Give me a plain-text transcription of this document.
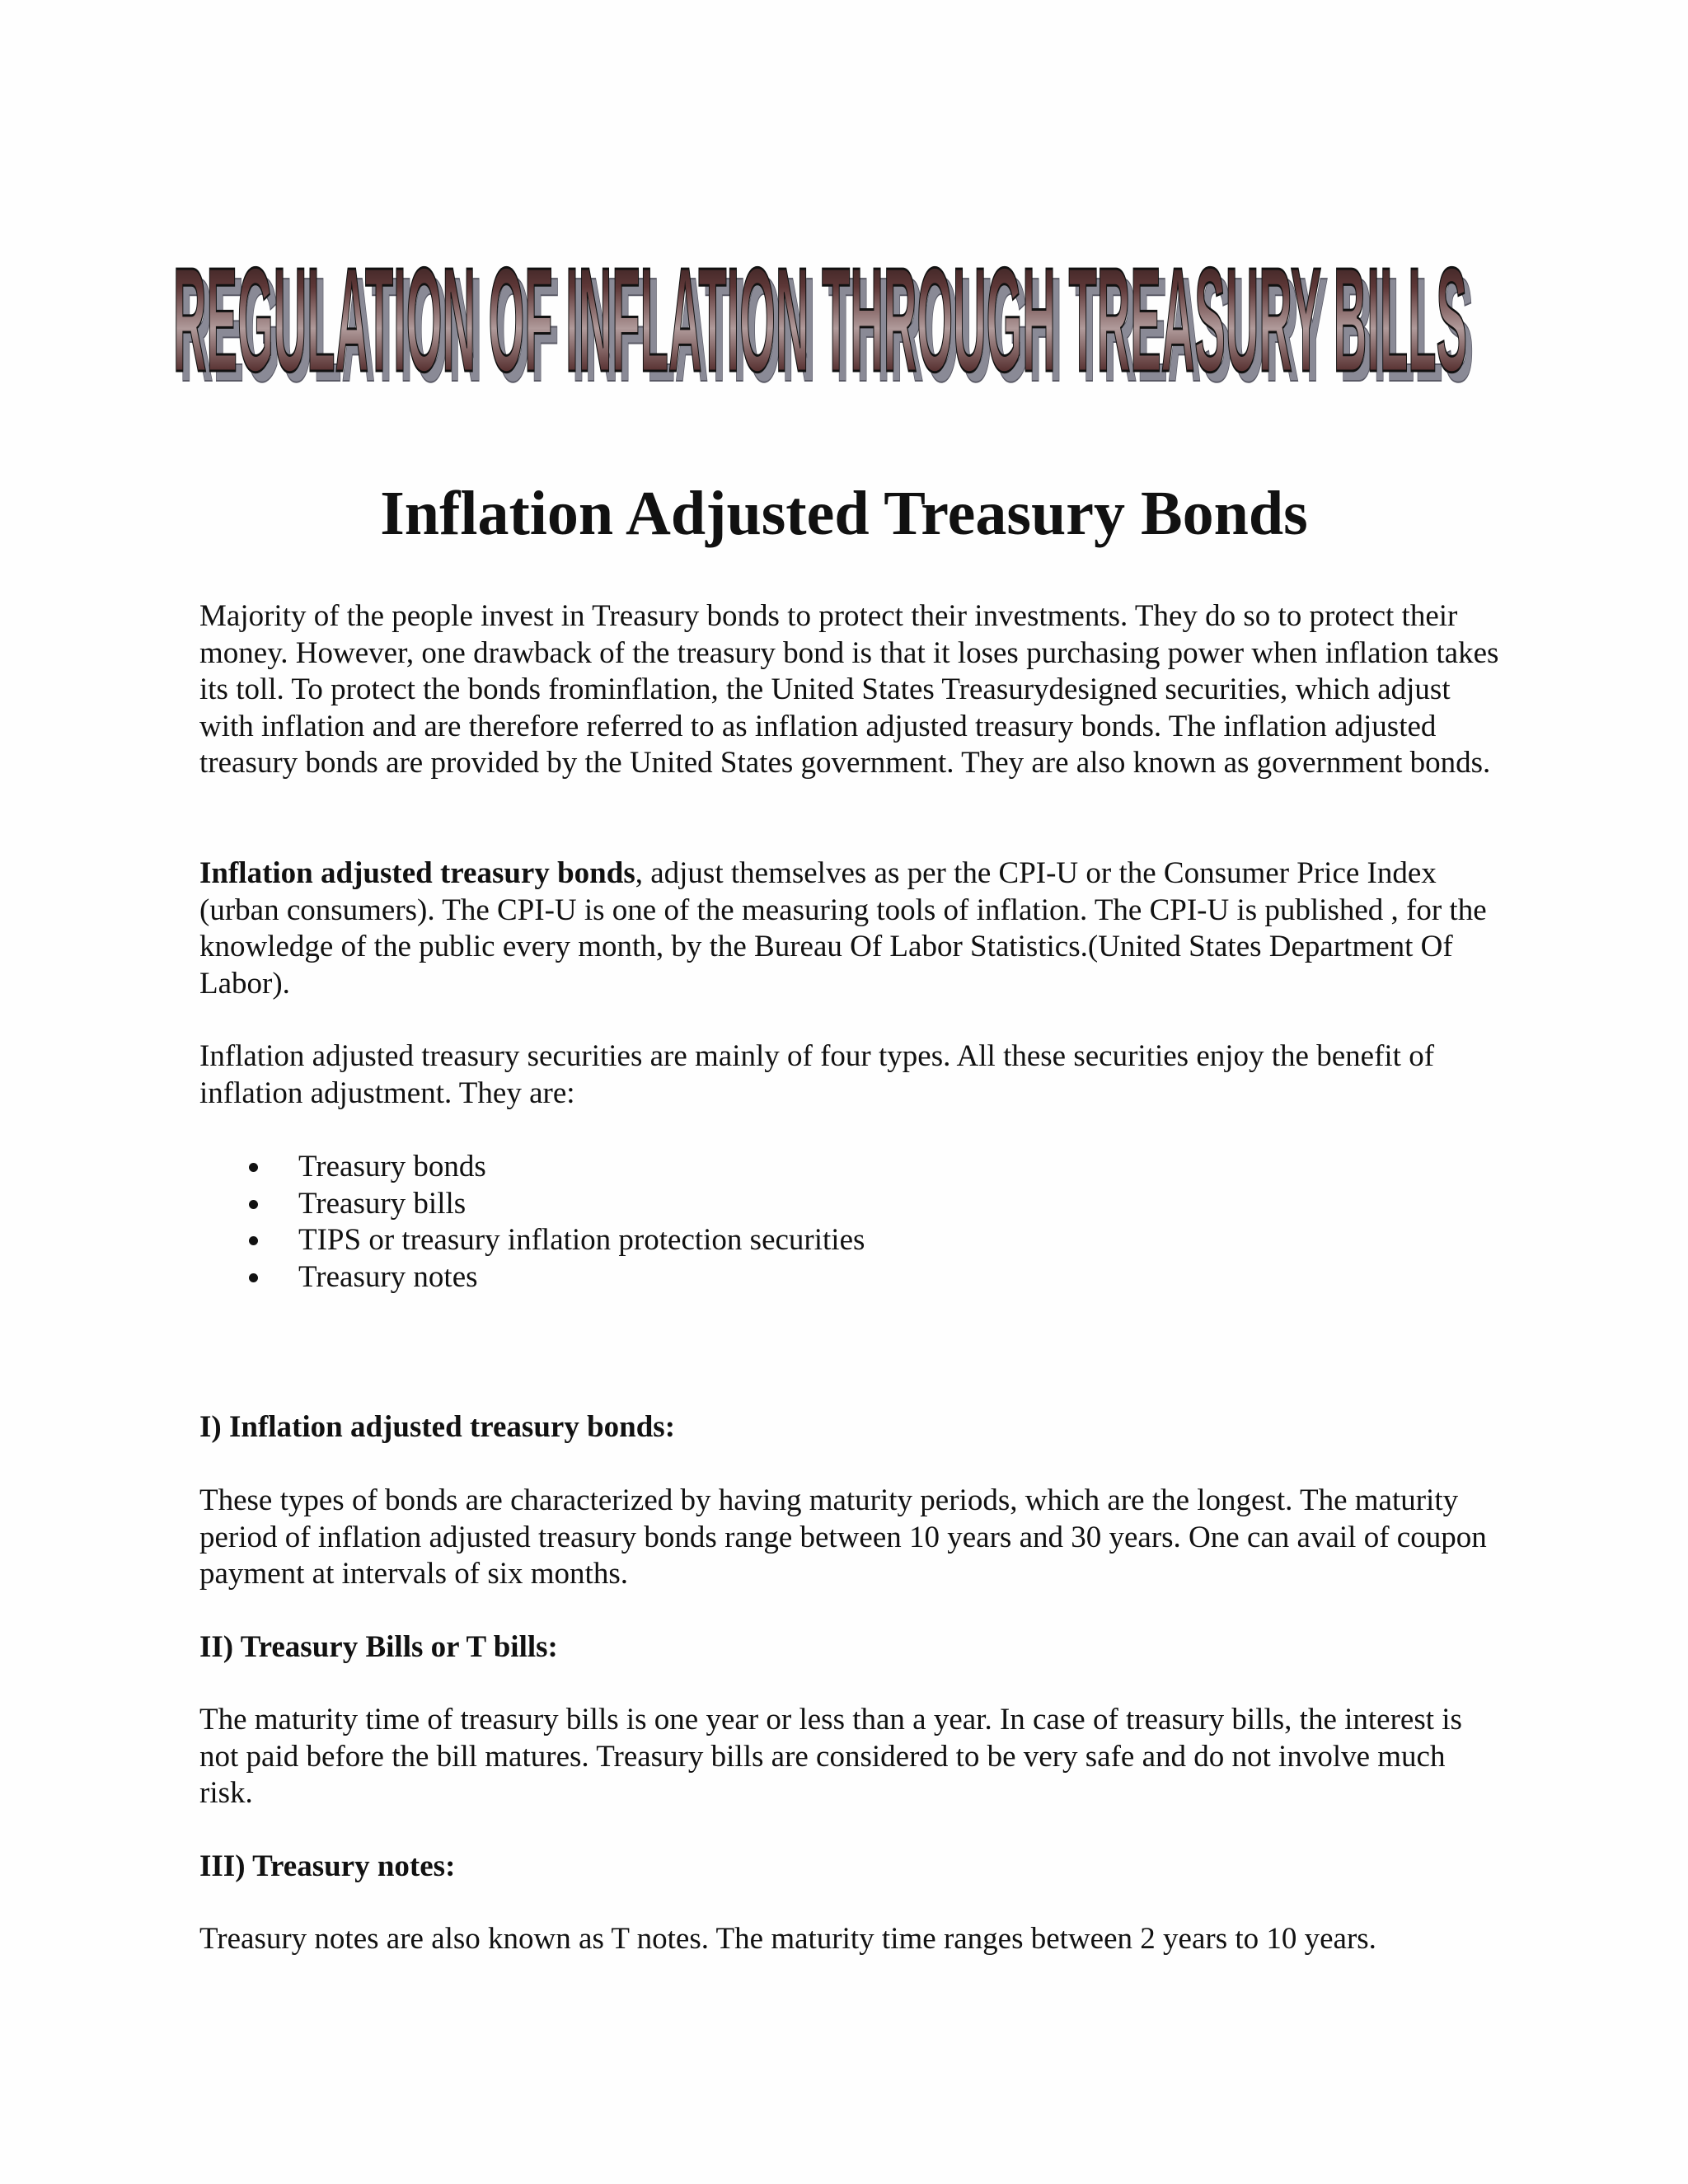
REGULATION OF INFLATION THROUGH TREASURY BILLS
REGULATION OF INFLATION THROUGH TREASURY BILLS
Inflation Adjusted Treasury Bonds

Majority of the people invest in Treasury bonds to protect their investments. They do so to protect their money. However, one drawback of the treasury bond is that it loses purchasing power when inflation takes its toll. To protect the bonds frominflation, the United States Treasurydesigned securities, which adjust with inflation and are therefore referred to as inflation adjusted treasury bonds. The inflation adjusted treasury bonds are provided by the United States government. They are also known as government bonds.

Inflation adjusted treasury bonds, adjust themselves as per the CPI-U or the Consumer Price Index (urban consumers). The CPI-U is one of the measuring tools of inflation. The CPI-U is published , for the knowledge of the public every month, by the Bureau Of Labor Statistics.(United States Department Of Labor).

Inflation adjusted treasury securities are mainly of four types. All these securities enjoy the benefit of inflation adjustment. They are:

Treasury bonds
Treasury bills
TIPS or treasury inflation protection securities
Treasury notes
I) Inflation adjusted treasury bonds:

These types of bonds are characterized by having maturity periods, which are the longest. The maturity period of inflation adjusted treasury bonds range between 10 years and 30 years. One can avail of coupon payment at intervals of six months.

II) Treasury Bills or T bills:

The maturity time of treasury bills is one year or less than a year. In case of treasury bills, the interest is not paid before the bill matures. Treasury bills are considered to be very safe and do not involve much risk.

III) Treasury notes:

Treasury notes are also known as T notes. The maturity time ranges between 2 years to 10 years.
